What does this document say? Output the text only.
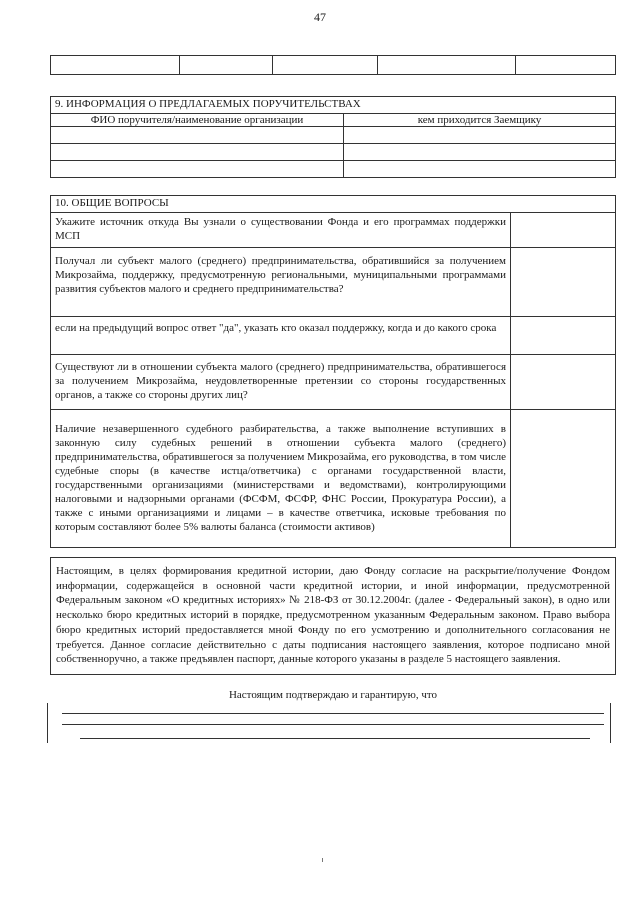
47

9. ИНФОРМАЦИЯ О ПРЕДЛАГАЕМЫХ ПОРУЧИТЕЛЬСТВАХ	
ФИО поручителя/наименование организации	кем приходится Заемщику

10. ОБЩИЕ ВОПРОСЫ	
Укажите источник откуда Вы узнали о существовании Фонда и его программах поддержки МСП	
Получал ли субъект малого (среднего) предпринимательства, обратившийся за получением Микрозайма, поддержку, предусмотренную региональными, муниципальными программами развития субъектов малого и среднего предпринимательства?	
если на предыдущий вопрос ответ "да", указать кто оказал поддержку, когда и до какого срока	
Существуют ли в отношении субъекта малого (среднего) предпринимательства, обратившегося за получением Микрозайма, неудовлетворенные претензии со стороны государственных органов, а также со стороны других лиц?	
Наличие незавершенного судебного разбирательства, а также выполнение вступивших в законную силу судебных решений в отношении субъекта малого (среднего) предпринимательства, обратившегося за получением Микрозайма, его руководства, в том числе судебные споры (в качестве истца/ответчика) с органами государственной власти, государственными организациями (министерствами и ведомствами), контролирующими налоговыми и надзорными органами (ФСФМ, ФСФР, ФНС России, Прокуратура России), а также с иными организациями и лицами – в качестве ответчика, исковые требования по которым составляют более 5% валюты баланса (стоимости активов)	
Настоящим, в целях формирования кредитной истории, даю Фонду согласие на раскрытие/получение Фондом информации, содержащейся в основной части кредитной истории, и иной информации, предусмотренной Федеральным законом «О кредитных историях» № 218-ФЗ от 30.12.2004г. (далее - Федеральный закон), в одно или несколько бюро кредитных историй в порядке, предусмотренном указанным Федеральным законом. Право выбора бюро кредитных историй предоставляется мной Фонду по его усмотрению и дополнительного согласования не требуется. Данное согласие действительно с даты подписания настоящего заявления, которое подписано мной собственноручно, а также предъявлен паспорт, данные которого указаны в разделе 5 настоящего заявления.
Настоящим подтверждаю и гарантирую, что
